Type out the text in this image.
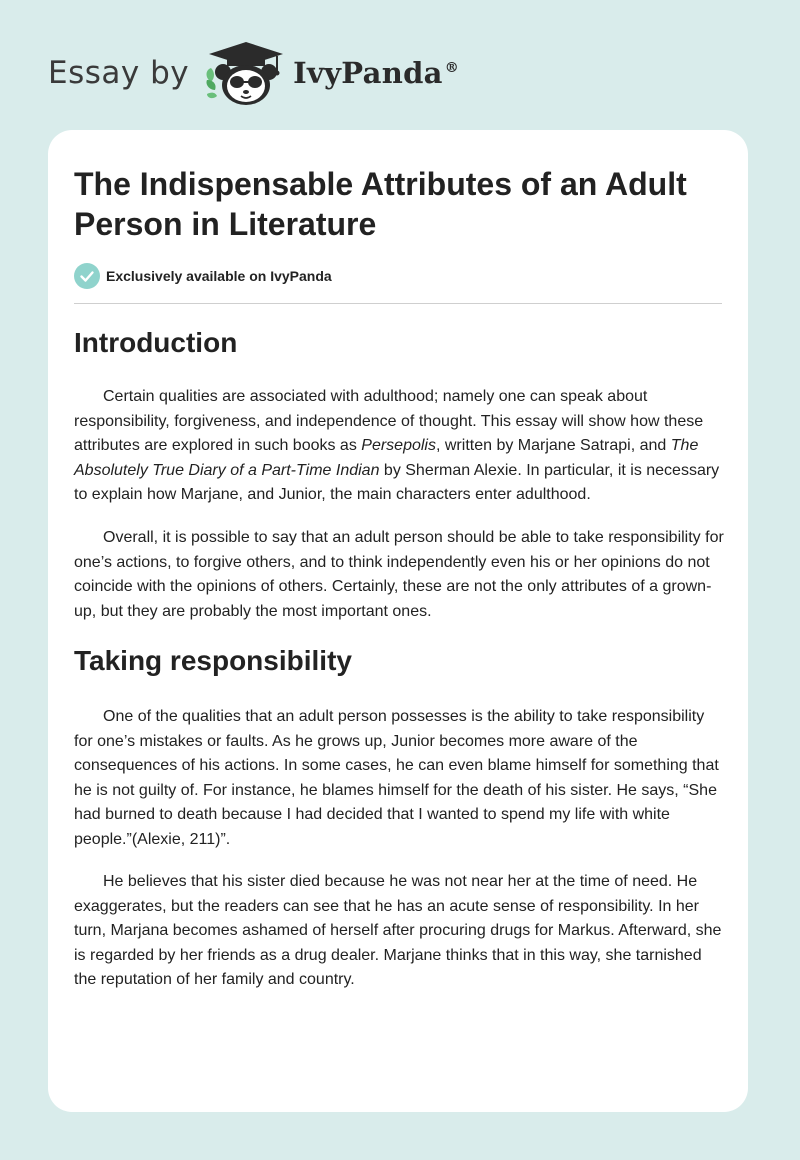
Essay by	IvyPanda ®
The Indispensable Attributes of an Adult Person in Literature
Exclusively available on IvyPanda
Introduction

Certain qualities are associated with adulthood; namely one can speak about responsibility, forgiveness, and independence of thought. This essay will show how these attributes are explored in such books as Persepolis, written by Marjane Satrapi, and The Absolutely True Diary of a Part-Time Indian by Sherman Alexie. In particular, it is necessary to explain how Marjane, and Junior, the main characters enter adulthood.

Overall, it is possible to say that an adult person should be able to take responsibility for one’s actions, to forgive others, and to think independently even his or her opinions do not coincide with the opinions of others. Certainly, these are not the only attributes of a grown-up, but they are probably the most important ones.

Taking responsibility

One of the qualities that an adult person possesses is the ability to take responsibility for one’s mistakes or faults. As he grows up, Junior becomes more aware of the consequences of his actions. In some cases, he can even blame himself for something that he is not guilty of. For instance, he blames himself for the death of his sister. He says, “She had burned to death because I had decided that I wanted to spend my life with white people.”(Alexie, 211)”.

He believes that his sister died because he was not near her at the time of need. He exaggerates, but the readers can see that he has an acute sense of responsibility. In her turn, Marjana becomes ashamed of herself after procuring drugs for Markus. Afterward, she is regarded by her friends as a drug dealer. Marjane thinks that in this way, she tarnished the reputation of her family and country.
